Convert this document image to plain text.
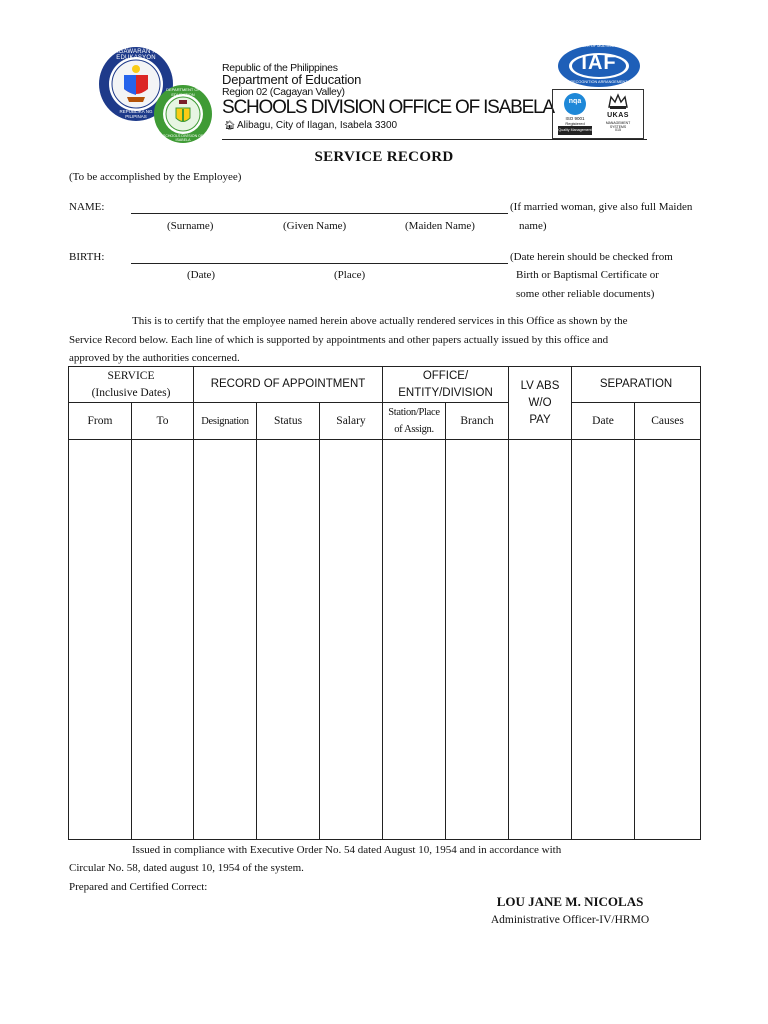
KAGAWARAN NG EDUKASYON
REPUBLIKA NG PILIPINAS
DEPARTMENT OF EDUCATION
SCHOOLS DIVISION OF ISABELA
Republic of the Philippines
Department of Education
Region 02 (Cagayan Valley)
SCHOOLS DIVISION OFFICE OF ISABELA
🏠︎ Alibagu, City of Ilagan, Isabela 3300
IAF
MEMBER OF MULTILATERAL
RECOGNITION ARRANGEMENT
nqa
ISO 9001
Registered
Quality Management
UKAS
MANAGEMENT SYSTEMS
015
SERVICE RECORD
(To be accomplished by the Employee)
NAME:	(If married woman, give also full Maiden
name)
(Surname)	(Given Name)	(Maiden Name)
BIRTH:	(Date herein should be checked from
Birth or Baptismal Certificate or
some other reliable documents)
(Date)	(Place)
This is to certify that the employee named herein above actually rendered services in this Office as shown by the
Service Record below. Each line of which is supported by appointments and other papers actually issued by this office and
approved by the authorities concerned.
SERVICE
(Inclusive Dates)		RECORD OF APPOINTMENT			OFFICE/
ENTITY/DIVISION		LV ABS
W/O
PAY	SEPARATION	
From	To	Designation	Status	Salary	Station/Place
of Assign.	Branch		Date	Causes

Issued in compliance with Executive Order No. 54 dated August 10, 1954 and in accordance with
Circular No. 58, dated august 10, 1954 of the system.
Prepared and Certified Correct:
LOU JANE M. NICOLAS
Administrative Officer-IV/HRMO
